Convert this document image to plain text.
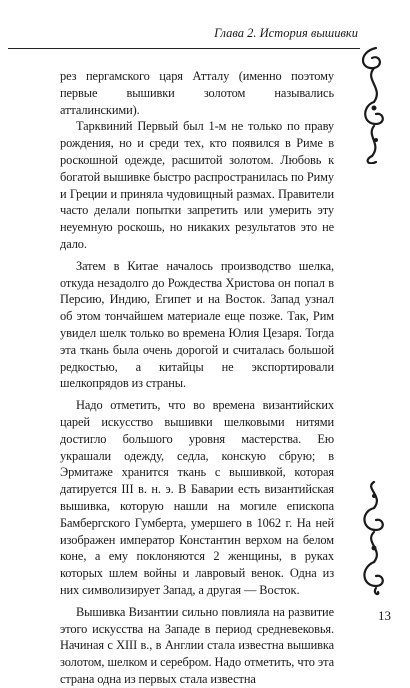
Глава 2. История вышивки

рез пергамского царя Атталу (именно поэтому первые вышивки золотом назывались атталинскими).

Тарквиний Первый был 1-м не только по праву рождения, но и среди тех, кто появился в Риме в роскошной одежде, расшитой золотом. Любовь к богатой вышивке быстро распространилась по Риму и Греции и приняла чудовищный размах. Правители часто делали попытки запретить или умерить эту неуемную роскошь, но никаких результатов это не дало.

Затем в Китае началось производство шелка, откуда незадолго до Рождества Христова он попал в Персию, Индию, Египет и на Восток. Запад узнал об этом тончайшем материале еще позже. Так, Рим увидел шелк только во времена Юлия Цезаря. Тогда эта ткань была очень дорогой и считалась большой редкостью, а китайцы не экспортировали шелкопрядов из страны.

Надо отметить, что во времена византийских царей искусство вышивки шелковыми нитями достигло большого уровня мастерства. Ею украшали одежду, седла, конскую сбрую; в Эрмитаже хранится ткань с вышивкой, которая датируется III в. н. э. В Баварии есть византийская вышивка, которую нашли на могиле епископа Бамбергского Гумберта, умершего в 1062 г. На ней изображен император Константин верхом на белом коне, а ему поклоняются 2 женщины, в руках которых шлем войны и лавровый венок. Одна из них символизирует Запад, а другая — Восток.

Вышивка Византии сильно повлияла на развитие этого искусства на Западе в период средневековья. Начиная с XIII в., в Англии стала известна вышивка золотом, шелком и серебром. Надо отметить, что эта страна одна из первых стала известна

13
